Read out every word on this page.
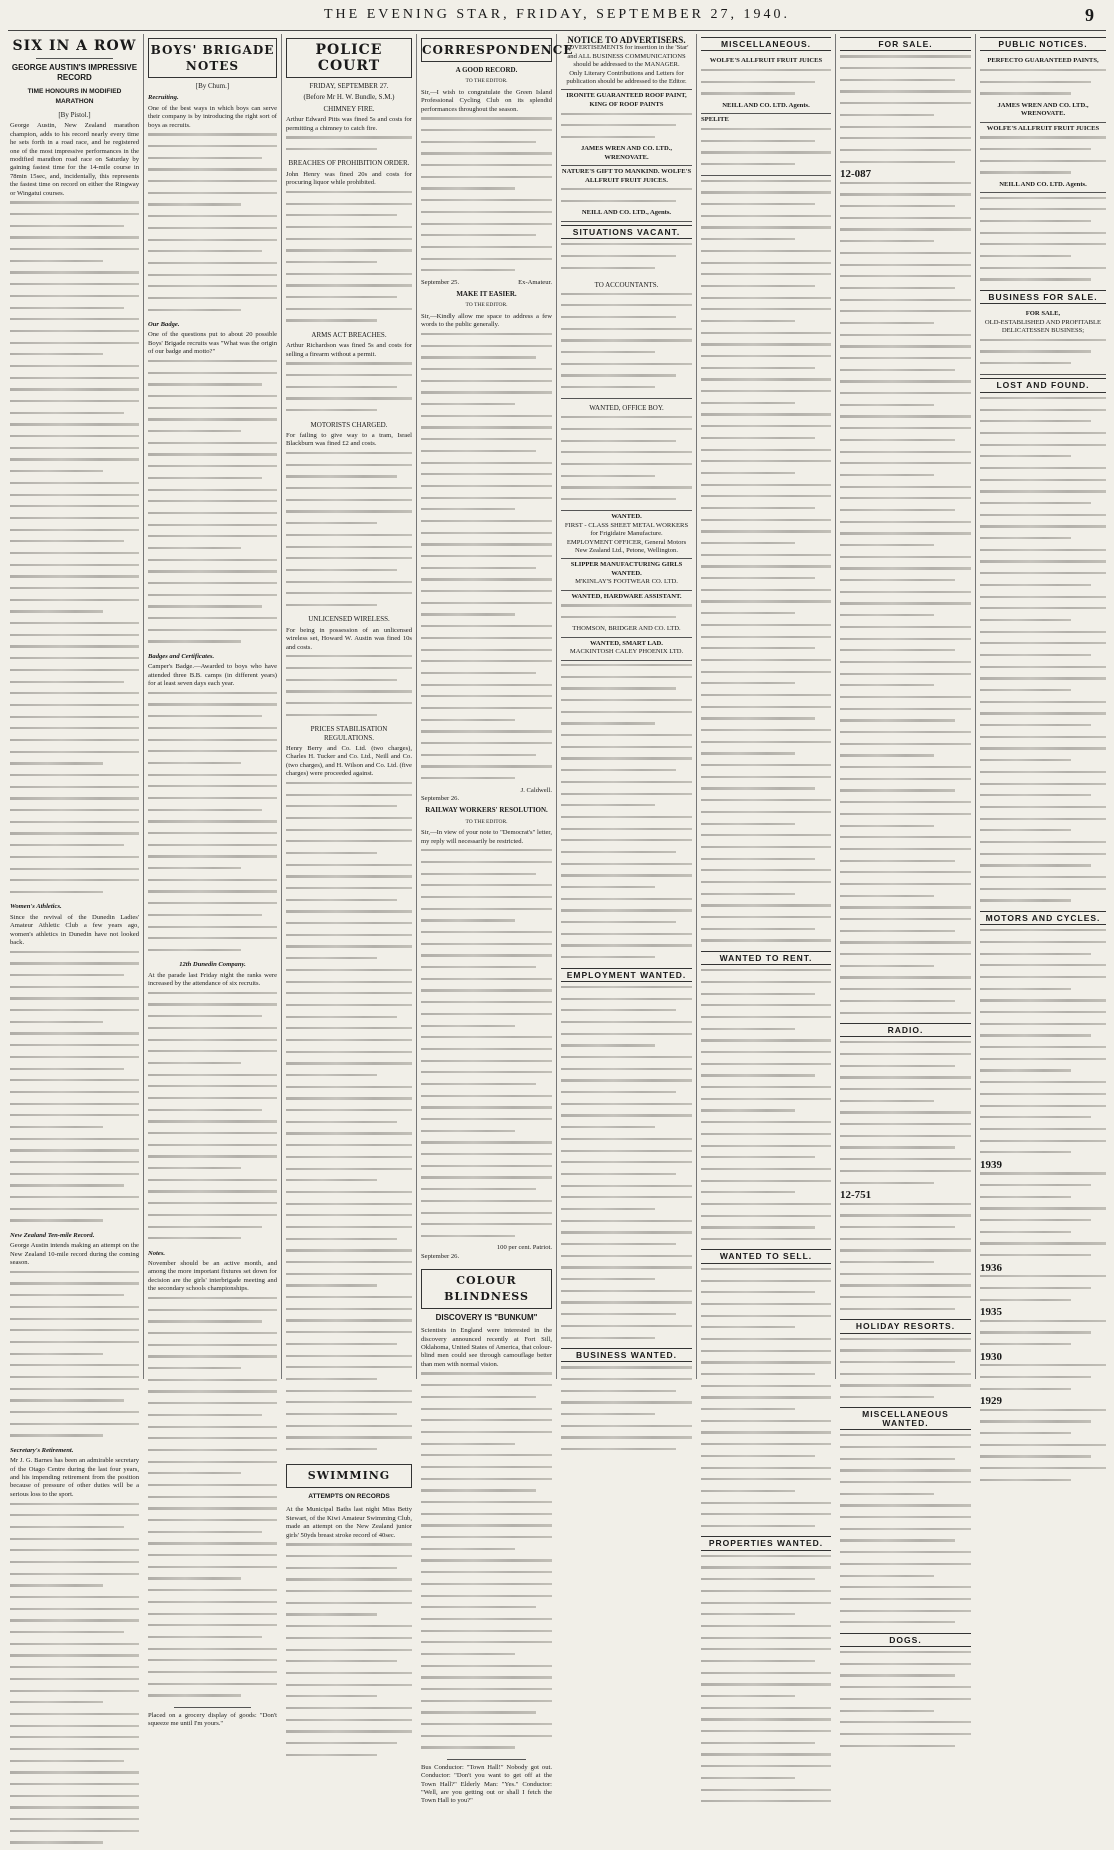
THE EVENING STAR, FRIDAY, SEPTEMBER 27, 1940.	9
SIX IN A ROW
GEORGE AUSTIN'S IMPRESSIVE RECORD
TIME HONOURS IN MODIFIED MARATHON
[By Pistol.]
George Austin, New Zealand marathon champion, adds to his record nearly every time he sets forth in a road race, and he registered one of the most impressive performances in the modified marathon road race on Saturday by gaining fastest time for the 14-mile course in 78min 15sec, and, incidentally, this represents the fastest time on record on either the Ringway or Wingatui courses.
Women's Athletics.
Since the revival of the Dunedin Ladies' Amateur Athletic Club a few years ago, women's athletics in Dunedin have not looked back.
New Zealand Ten-mile Record.
George Austin intends making an attempt on the New Zealand 10-mile record during the coming season.
Secretary's Retirement.
Mr J. G. Barnes has been an admirable secretary of the Otago Centre during the last four years, and his impending retirement from the position because of pressure of other duties will be a serious loss to the sport.
BOYS' BRIGADE NOTES
[By Chum.]
Recruiting.
One of the best ways in which boys can serve their company is by introducing the right sort of boys as recruits.
Our Badge.
One of the questions put to about 20 possible Boys' Brigade recruits was "What was the origin of our badge and motto?"
Badges and Certificates.
Camper's Badge.—Awarded to boys who have attended three B.B. camps (in different years) for at least seven days each year.
12th Dunedin Company.
At the parade last Friday night the ranks were increased by the attendance of six recruits.
Notes.
November should be an active month, and among the more important fixtures set down for decision are the girls' interbrigade meeting and the secondary schools championships.
Placed on a grocery display of goods: "Don't squeeze me until I'm yours."
POLICE COURT
FRIDAY, SEPTEMBER 27.
(Before Mr H. W. Bundle, S.M.)
CHIMNEY FIRE.
Arthur Edward Pitts was fined 5s and costs for permitting a chimney to catch fire.
BREACHES OF PROHIBITION ORDER.
John Henry was fined 20s and costs for procuring liquor while prohibited.
ARMS ACT BREACHES.
Arthur Richardson was fined 5s and costs for selling a firearm without a permit.
MOTORISTS CHARGED.
For failing to give way to a tram, Israel Blackburn was fined £2 and costs.
UNLICENSED WIRELESS.
For being in possession of an unlicensed wireless set, Howard W. Austin was fined 10s and costs.
PRICES STABILISATION REGULATIONS.
Henry Berry and Co. Ltd. (two charges), Charles H. Tucker and Co. Ltd., Neill and Co. (two charges), and H. Wilson and Co. Ltd. (five charges) were proceeded against.
SWIMMING
ATTEMPTS ON RECORDS
At the Municipal Baths last night Miss Betty Stewart, of the Kiwi Amateur Swimming Club, made an attempt on the New Zealand junior girls' 50yds breast stroke record of 40sec.
CORRESPONDENCE
A GOOD RECORD.
TO THE EDITOR.
Sir,—I wish to congratulate the Green Island Professional Cycling Club on its splendid performances throughout the season.
September 25.	Ex-Amateur.
MAKE IT EASIER.
TO THE EDITOR.
Sir,—Kindly allow me space to address a few words to the public generally.
J. Caldwell.
September 26.
RAILWAY WORKERS' RESOLUTION.
TO THE EDITOR.
Sir,—In view of your note to "Democrat's" letter, my reply will necessarily be restricted.
100 per cent. Patriot.
September 26.
COLOUR BLINDNESS
DISCOVERY IS "BUNKUM"
Scientists in England were interested in the discovery announced recently at Fort Sill, Oklahoma, United States of America, that colour-blind men could see through camouflage better than men with normal vision.
Bus Conductor: "Town Hall!" Nobody got out. Conductor: "Don't you want to get off at the Town Hall?" Elderly Man: "Yes." Conductor: "Well, are you getting out or shall I fetch the Town Hall to you?"
NOTICE TO ADVERTISERS.
ADVERTISEMENTS for insertion in the 'Star' and ALL BUSINESS COMMUNICATIONS should be addressed to the MANAGER.
Only Literary Contributions and Letters for publication should be addressed to the Editor.
IRONITE GUARANTEED ROOF PAINT, KING OF ROOF PAINTS
JAMES WREN AND CO. LTD., WRENOVATE.
NATURE'S GIFT TO MANKIND. WOLFE'S ALLFRUIT FRUIT JUICES.
NEILL AND CO. LTD., Agents.
SITUATIONS VACANT.
TO ACCOUNTANTS.
WANTED, OFFICE BOY.
WANTED.
FIRST - CLASS SHEET METAL WORKERS for Frigidaire Manufacture.
EMPLOYMENT OFFICER, General Motors New Zealand Ltd., Petone, Wellington.
SLIPPER MANUFACTURING GIRLS WANTED.
M'KINLAY'S FOOTWEAR CO. LTD.
WANTED, HARDWARE ASSISTANT.
THOMSON, BRIDGER AND CO. LTD.
WANTED, SMART LAD.
MACKINTOSH CALEY PHOENIX LTD.
EMPLOYMENT WANTED.
BUSINESS WANTED.
MISCELLANEOUS.
WOLFE'S ALLFRUIT FRUIT JUICES
NEILL AND CO. LTD. Agents.
SPELITE
WANTED TO RENT.
WANTED TO SELL.
PROPERTIES WANTED.
FOR SALE.
12-087
RADIO.
12-751
HOLIDAY RESORTS.
MISCELLANEOUS WANTED.
DOGS.
PUBLIC NOTICES.
PERFECTO GUARANTEED PAINTS,
JAMES WREN AND CO. LTD., WRENOVATE.
WOLFE'S ALLFRUIT FRUIT JUICES
NEILL AND CO. LTD. Agents.
BUSINESS FOR SALE.
FOR SALE,
OLD-ESTABLISHED AND PROFITABLE DELICATESSEN BUSINESS;
LOST AND FOUND.
MOTORS AND CYCLES.
1939
1936
1935
1930
1929
